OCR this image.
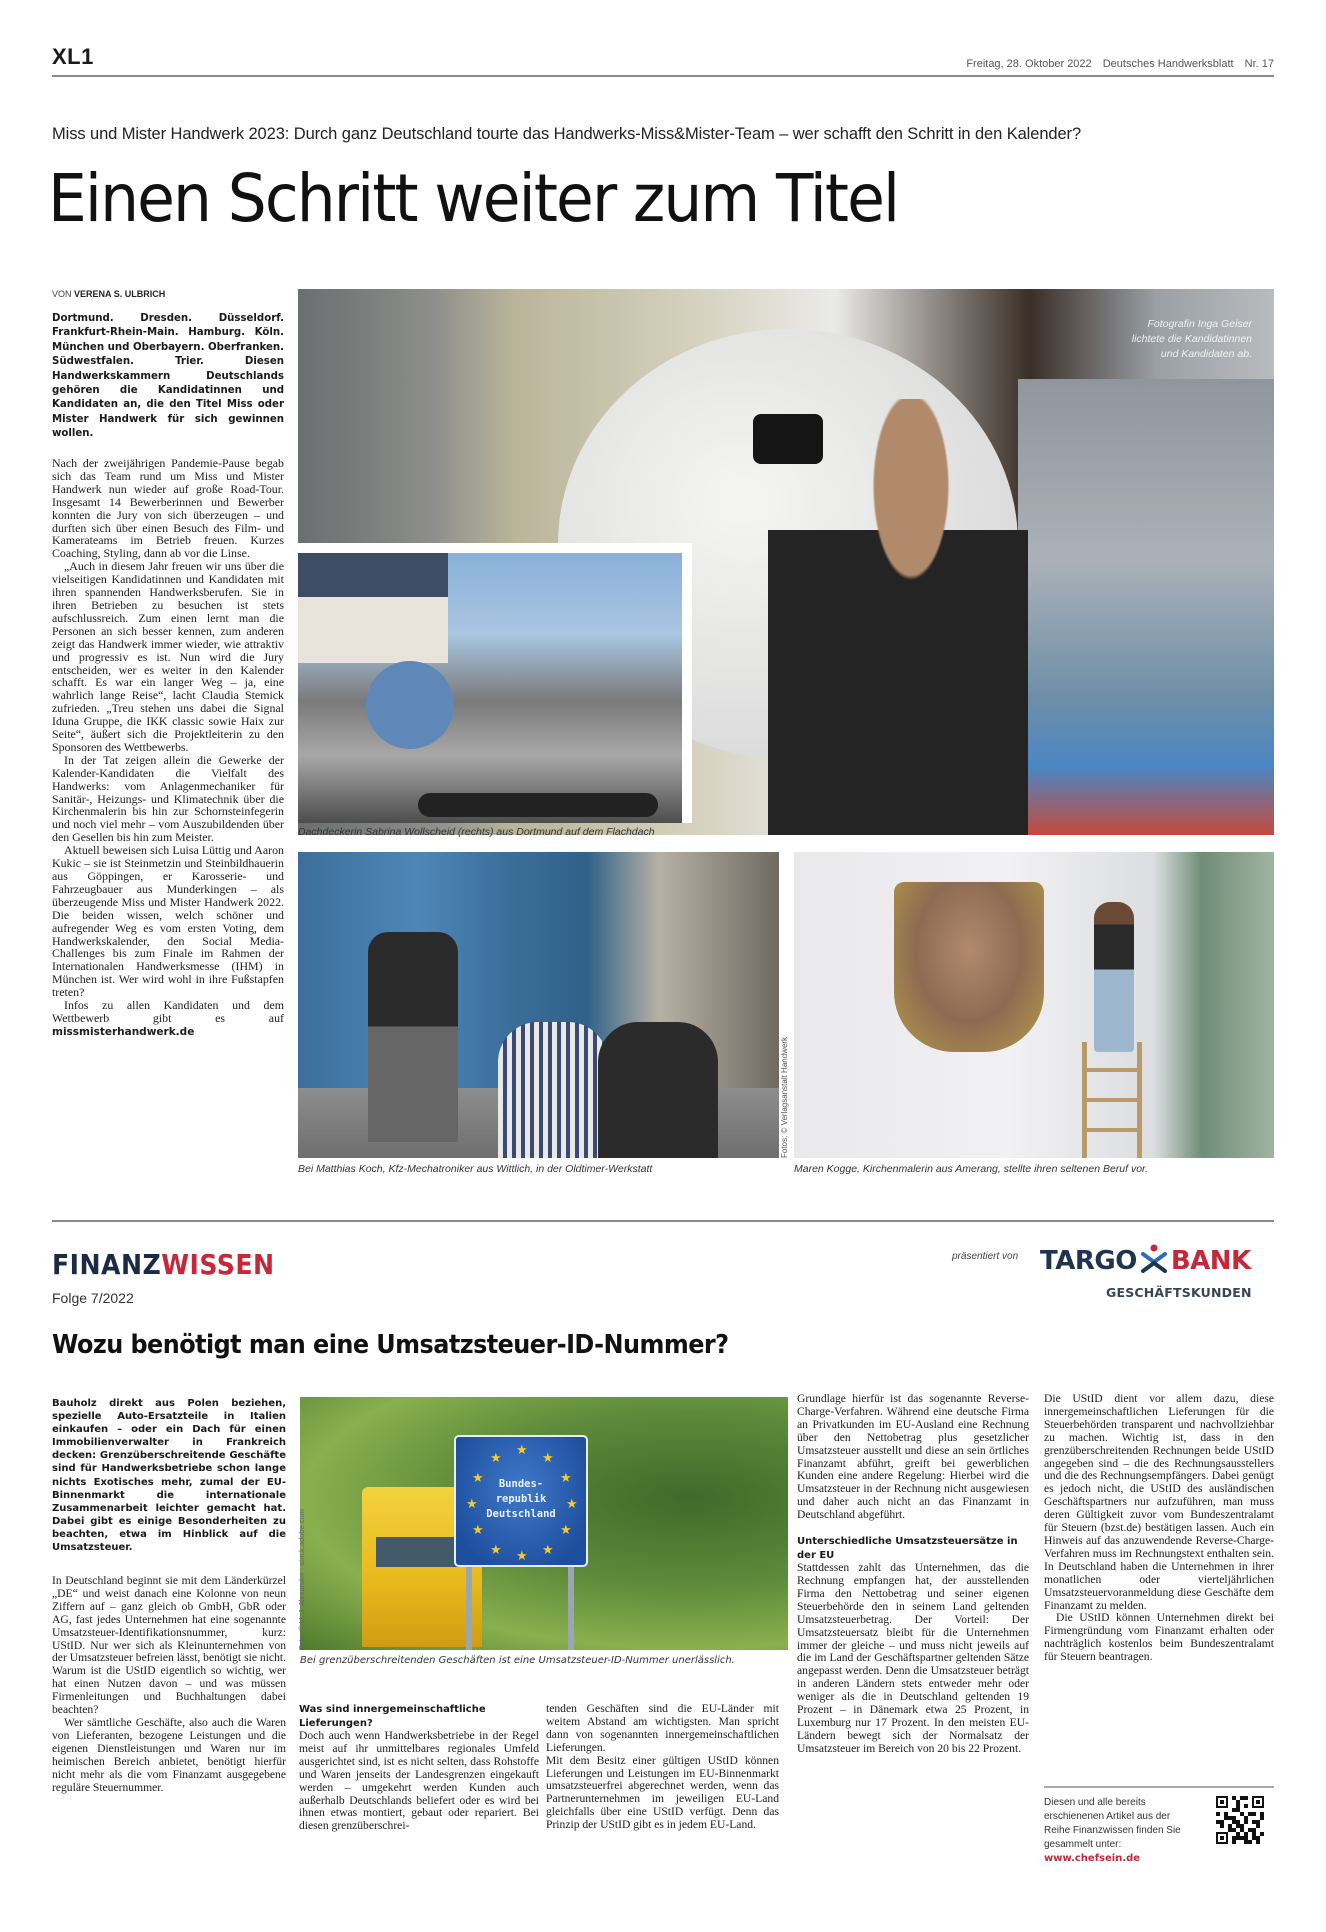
XL1	Freitag, 28. Oktober 2022 Deutsches Handwerksblatt Nr. 17
Miss und Mister Handwerk 2023: Durch ganz Deutschland tourte das Handwerks-Miss&Mister-Team – wer schafft den Schritt in den Kalender?
Einen Schritt weiter zum Titel
VON VERENA S. ULBRICH
Dortmund. Dresden. Düsseldorf. Frankfurt-Rhein-Main. Hamburg. Köln. München und Oberbayern. Oberfranken. Südwestfalen. Trier. Diesen Handwerkskammern Deutschlands gehören die Kandidatinnen und Kandidaten an, die den Titel Miss oder Mister Handwerk für sich gewinnen wollen.

Nach der zweijährigen Pandemie-Pause begab sich das Team rund um Miss und Mister Handwerk nun wieder auf große Road-Tour. Insgesamt 14 Bewerberinnen und Bewerber konnten die Jury von sich überzeugen – und durften sich über einen Besuch des Film- und Kamerateams im Betrieb freuen. Kurzes Coaching, Styling, dann ab vor die Linse.

„Auch in diesem Jahr freuen wir uns über die vielseitigen Kandidatinnen und Kandidaten mit ihren spannenden Handwerksberufen. Sie in ihren Betrieben zu besuchen ist stets aufschlussreich. Zum einen lernt man die Personen an sich besser kennen, zum anderen zeigt das Handwerk immer wieder, wie attraktiv und progressiv es ist. Nun wird die Jury entscheiden, wer es weiter in den Kalender schafft. Es war ein langer Weg – ja, eine wahrlich lange Reise“, lacht Claudia Stemick zufrieden. „Treu stehen uns dabei die Signal Iduna Gruppe, die IKK classic sowie Haix zur Seite“, äußert sich die Projektleiterin zu den Sponsoren des Wettbewerbs.

In der Tat zeigen allein die Gewerke der Kalender-Kandidaten die Vielfalt des Handwerks: vom Anlagenmechaniker für Sanitär-, Heizungs- und Klimatechnik über die Kirchenmalerin bis hin zur Schornsteinfegerin und noch viel mehr – vom Auszubildenden über den Gesellen bis hin zum Meister.

Aktuell beweisen sich Luisa Lüttig und Aaron Kukic – sie ist Steinmetzin und Steinbildhauerin aus Göppingen, er Karosserie- und Fahrzeugbauer aus Munderkingen – als überzeugende Miss und Mister Handwerk 2022. Die beiden wissen, welch schöner und aufregender Weg es vom ersten Voting, dem Handwerkskalender, den Social Media-Challenges bis zum Finale im Rahmen der Internationalen Handwerksmesse (IHM) in München ist. Wer wird wohl in ihre Fußstapfen treten?

Infos zu allen Kandidaten und dem Wettbewerb gibt es auf missmisterhandwerk.de

Fotografin Inga Geiser
lichtete die Kandidatinnen
und Kandidaten ab.
Dachdeckerin Sabrina Wollscheid (rechts) aus Dortmund auf dem Flachdach
Bei Matthias Koch, Kfz-Mechatroniker aus Wittlich, in der Oldtimer-Werkstatt
Fotos: © Verlagsanstalt Handwerk
Maren Kogge, Kirchenmalerin aus Amerang, stellte ihren seltenen Beruf vor.
FINANZWISSEN
Folge 7/2022
präsentiert von TARGO BANK
GESCHÄFTSKUNDEN
Wozu benötigt man eine Umsatzsteuer-ID-Nummer?
Bauholz direkt aus Polen beziehen, spezielle Auto-Ersatzteile in Italien einkaufen – oder ein Dach für einen Immobilienverwalter in Frankreich decken: Grenzüberschreitende Geschäfte sind für Handwerksbetriebe schon lange nichts Exotisches mehr, zumal der EU-Binnenmarkt die internationale Zusammenarbeit leichter gemacht hat. Dabei gibt es einige Besonderheiten zu beachten, etwa im Hinblick auf die Umsatzsteuer.

In Deutschland beginnt sie mit dem Länderkürzel „DE“ und weist danach eine Kolonne von neun Ziffern auf – ganz gleich ob GmbH, GbR oder AG, fast jedes Unternehmen hat eine sogenannte Umsatzsteuer-Identifikationsnummer, kurz: UStID. Nur wer sich als Kleinunternehmen von der Umsatzsteuer befreien lässt, benötigt sie nicht. Warum ist die UStID eigentlich so wichtig, wer hat einen Nutzen davon – und was müssen Firmenleitungen und Buchhaltungen dabei beachten?

Wer sämtliche Geschäfte, also auch die Waren von Lieferanten, bezogene Leistungen und die eigenen Dienstleistungen und Waren nur im heimischen Bereich anbietet, benötigt hierfür nicht mehr als die vom Finanzamt ausgegebene reguläre Steuernummer.

★
★
★
★
★
★
★
★
★
★
★
★
Bundes-
republik
Deutschland
Foto: © U. J. Alexander - stock.adobe.com
Bei grenzüberschreitenden Geschäften ist eine Umsatzsteuer-ID-Nummer unerlässlich.
Was sind innergemeinschaftliche Lieferungen?
Doch auch wenn Handwerksbetriebe in der Regel meist auf ihr unmittelbares regionales Umfeld ausgerichtet sind, ist es nicht selten, dass Rohstoffe und Waren jenseits der Landesgrenzen eingekauft werden – umgekehrt werden Kunden auch außerhalb Deutschlands beliefert oder es wird bei ihnen etwas montiert, gebaut oder repariert. Bei diesen grenzüberschrei-

tenden Geschäften sind die EU-Länder mit weitem Abstand am wichtigsten. Man spricht dann von sogenannten innergemeinschaftlichen Lieferungen.

Mit dem Besitz einer gültigen UStID können Lieferungen und Leistungen im EU-Binnenmarkt umsatzsteuerfrei abgerechnet werden, wenn das Partnerunternehmen im jeweiligen EU-Land gleichfalls über eine UStID verfügt. Denn das Prinzip der UStID gibt es in jedem EU-Land.

Grundlage hierfür ist das sogenannte Reverse-Charge-Verfahren. Während eine deutsche Firma an Privatkunden im EU-Ausland eine Rechnung über den Nettobetrag plus gesetzlicher Umsatzsteuer ausstellt und diese an sein örtliches Finanzamt abführt, greift bei gewerblichen Kunden eine andere Regelung: Hierbei wird die Umsatzsteuer in der Rechnung nicht ausgewiesen und daher auch nicht an das Finanzamt in Deutschland abgeführt.
Unterschiedliche Umsatzsteuersätze in der EU
Stattdessen zahlt das Unternehmen, das die Rechnung empfangen hat, der ausstellenden Firma den Nettobetrag und seiner eigenen Steuerbehörde den in seinem Land geltenden Umsatzsteuerbetrag. Der Vorteil: Der Umsatzsteuersatz bleibt für die Unternehmen immer der gleiche – und muss nicht jeweils auf die im Land der Geschäftspartner geltenden Sätze angepasst werden. Denn die Umsatzsteuer beträgt in anderen Ländern stets entweder mehr oder weniger als die in Deutschland geltenden 19 Prozent – in Dänemark etwa 25 Prozent, in Luxemburg nur 17 Prozent. In den meisten EU-Ländern bewegt sich der Normalsatz der Umsatzsteuer im Bereich von 20 bis 22 Prozent.

Die UStID dient vor allem dazu, diese innergemeinschaftlichen Lieferungen für die Steuerbehörden transparent und nachvollziehbar zu machen. Wichtig ist, dass in den grenzüberschreitenden Rechnungen beide UStID angegeben sind – die des Rechnungsausstellers und die des Rechnungsempfängers. Dabei genügt es jedoch nicht, die UStID des ausländischen Geschäftspartners nur aufzuführen, man muss deren Gültigkeit zuvor vom Bundeszentralamt für Steuern (bzst.de) bestätigen lassen. Auch ein Hinweis auf das anzuwendende Reverse-Charge-Verfahren muss im Rechnungstext enthalten sein. In Deutschland haben die Unternehmen in ihrer monatlichen oder vierteljährlichen Umsatzsteuervoranmeldung diese Geschäfte dem Finanzamt zu melden.

Die UStID können Unternehmen direkt bei Firmengründung vom Finanzamt erhalten oder nachträglich kostenlos beim Bundeszentralamt für Steuern beantragen.

Diesen und alle bereits erschienenen Artikel aus der Reihe Finanzwissen finden Sie gesammelt unter:
www.chefsein.de
